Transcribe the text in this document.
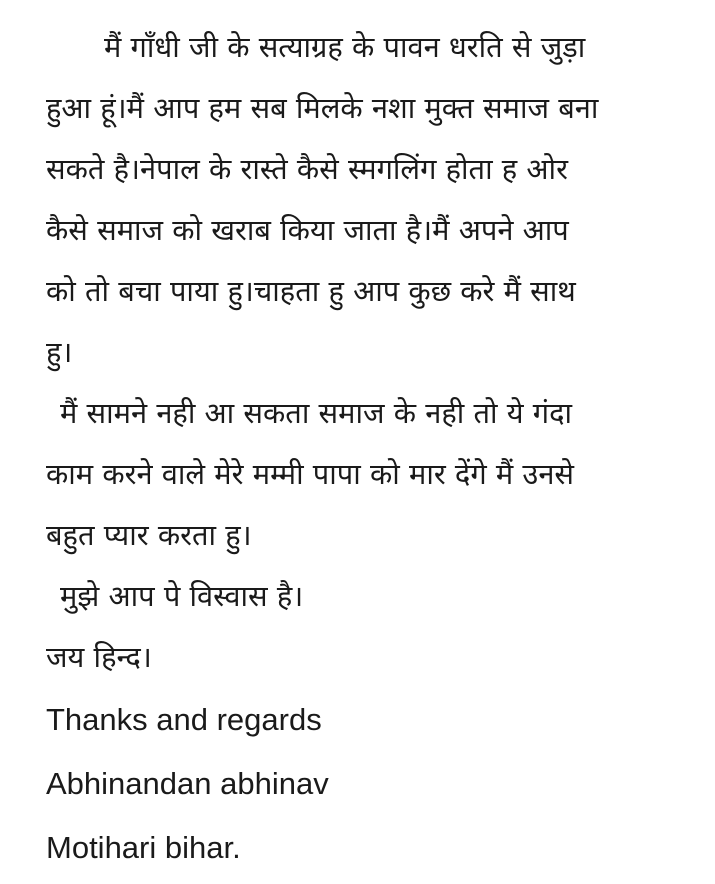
मैं गाँधी जी के सत्याग्रह के पावन धरति से जुड़ा
हुआ हूं।मैं आप हम सब मिलके नशा मुक्त समाज बना
सकते है।नेपाल के रास्ते कैसे स्मगलिंग होता ह ओर
कैसे समाज को खराब किया जाता है।मैं अपने आप
को तो बचा पाया हु।चाहता हु आप कुछ करे मैं साथ
हु।
मैं सामने नही आ सकता समाज के नही तो ये गंदा
काम करने वाले मेरे मम्मी पापा को मार देंगे मैं उनसे
बहुत प्यार करता हु।
मुझे आप पे विस्वास है।
जय हिन्द।
Thanks and regards
Abhinandan abhinav
Motihari bihar.
